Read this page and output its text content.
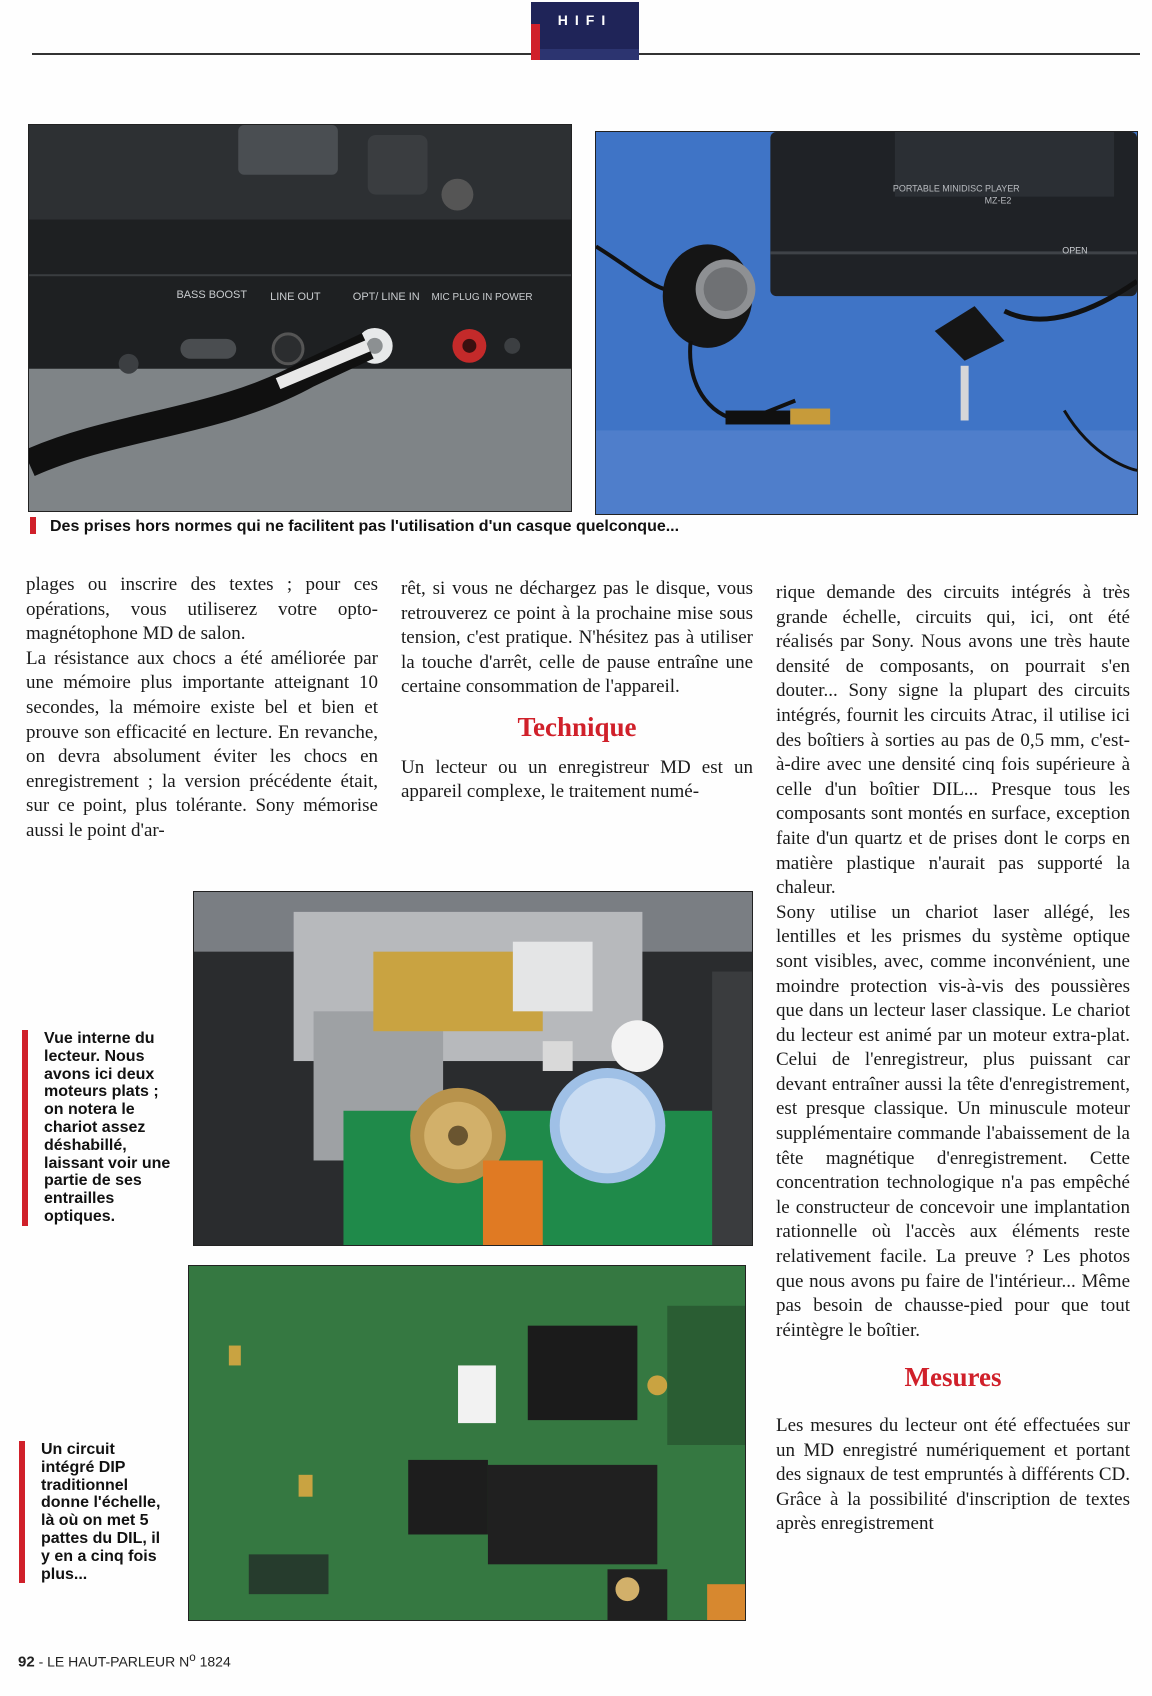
HIFI
BASS BOOST LINE OUT	OPT/ LINE IN MIC PLUG IN POWER
PORTABLE MINIDISC PLAYER
MZ-E2
OPEN
Des prises hors normes qui ne facilitent pas l'utilisation d'un casque quelconque...

plages ou inscrire des textes ; pour ces opérations, vous utiliserez votre opto-magnétophone MD de salon.

La résistance aux chocs a été améliorée par une mémoire plus importante atteignant 10 secondes, la mémoire existe bel et bien et prouve son efficacité en lecture. En revanche, on devra absolument éviter les chocs en enregistrement ; la version précédente était, sur ce point, plus tolérante. Sony mémorise aussi le point d'ar-

rêt, si vous ne déchargez pas le disque, vous retrouverez ce point à la prochaine mise sous tension, c'est pratique. N'hésitez pas à utiliser la touche d'arrêt, celle de pause entraîne une certaine consommation de l'appareil.

Technique

Un lecteur ou un enregistreur MD est un appareil complexe, le traitement numé-

rique demande des circuits intégrés à très grande échelle, circuits qui, ici, ont été réalisés par Sony. Nous avons une très haute densité de composants, on pourrait s'en douter... Sony signe la plupart des circuits intégrés, fournit les circuits Atrac, il utilise ici des boîtiers à sorties au pas de 0,5 mm, c'est-à-dire avec une densité cinq fois supérieure à celle d'un boîtier DIL... Presque tous les composants sont montés en surface, exception faite d'un quartz et de prises dont le corps en matière plastique n'aurait pas supporté la chaleur.

Sony utilise un chariot laser allégé, les lentilles et les prismes du système optique sont visibles, avec, comme inconvénient, une moindre protection vis-à-vis des poussières que dans un lecteur laser classique. Le chariot du lecteur est animé par un moteur extra-plat. Celui de l'enregistreur, plus puissant car devant entraîner aussi la tête d'enregistrement, est presque classique. Un minuscule moteur supplémentaire commande l'abaissement de la tête magnétique d'enregistrement. Cette concentration technologique n'a pas empêché le constructeur de concevoir une implantation rationnelle où l'accès aux éléments reste relativement facile. La preuve ? Les photos que nous avons pu faire de l'intérieur... Même pas besoin de chausse-pied pour que tout réintègre le boîtier.

Mesures

Les mesures du lecteur ont été effectuées sur un MD enregistré numériquement et portant des signaux de test empruntés à différents CD. Grâce à la possibilité d'inscription de textes après enregistrement

Vue interne du lecteur. Nous avons ici deux moteurs plats ; on notera le chariot assez déshabillé, laissant voir une partie de ses entrailles optiques.
Un circuit intégré DIP traditionnel donne l'échelle, là où on met 5 pattes du DIL, il y en a cinq fois plus...
92 - LE HAUT-PARLEUR $N^o$ 1824
